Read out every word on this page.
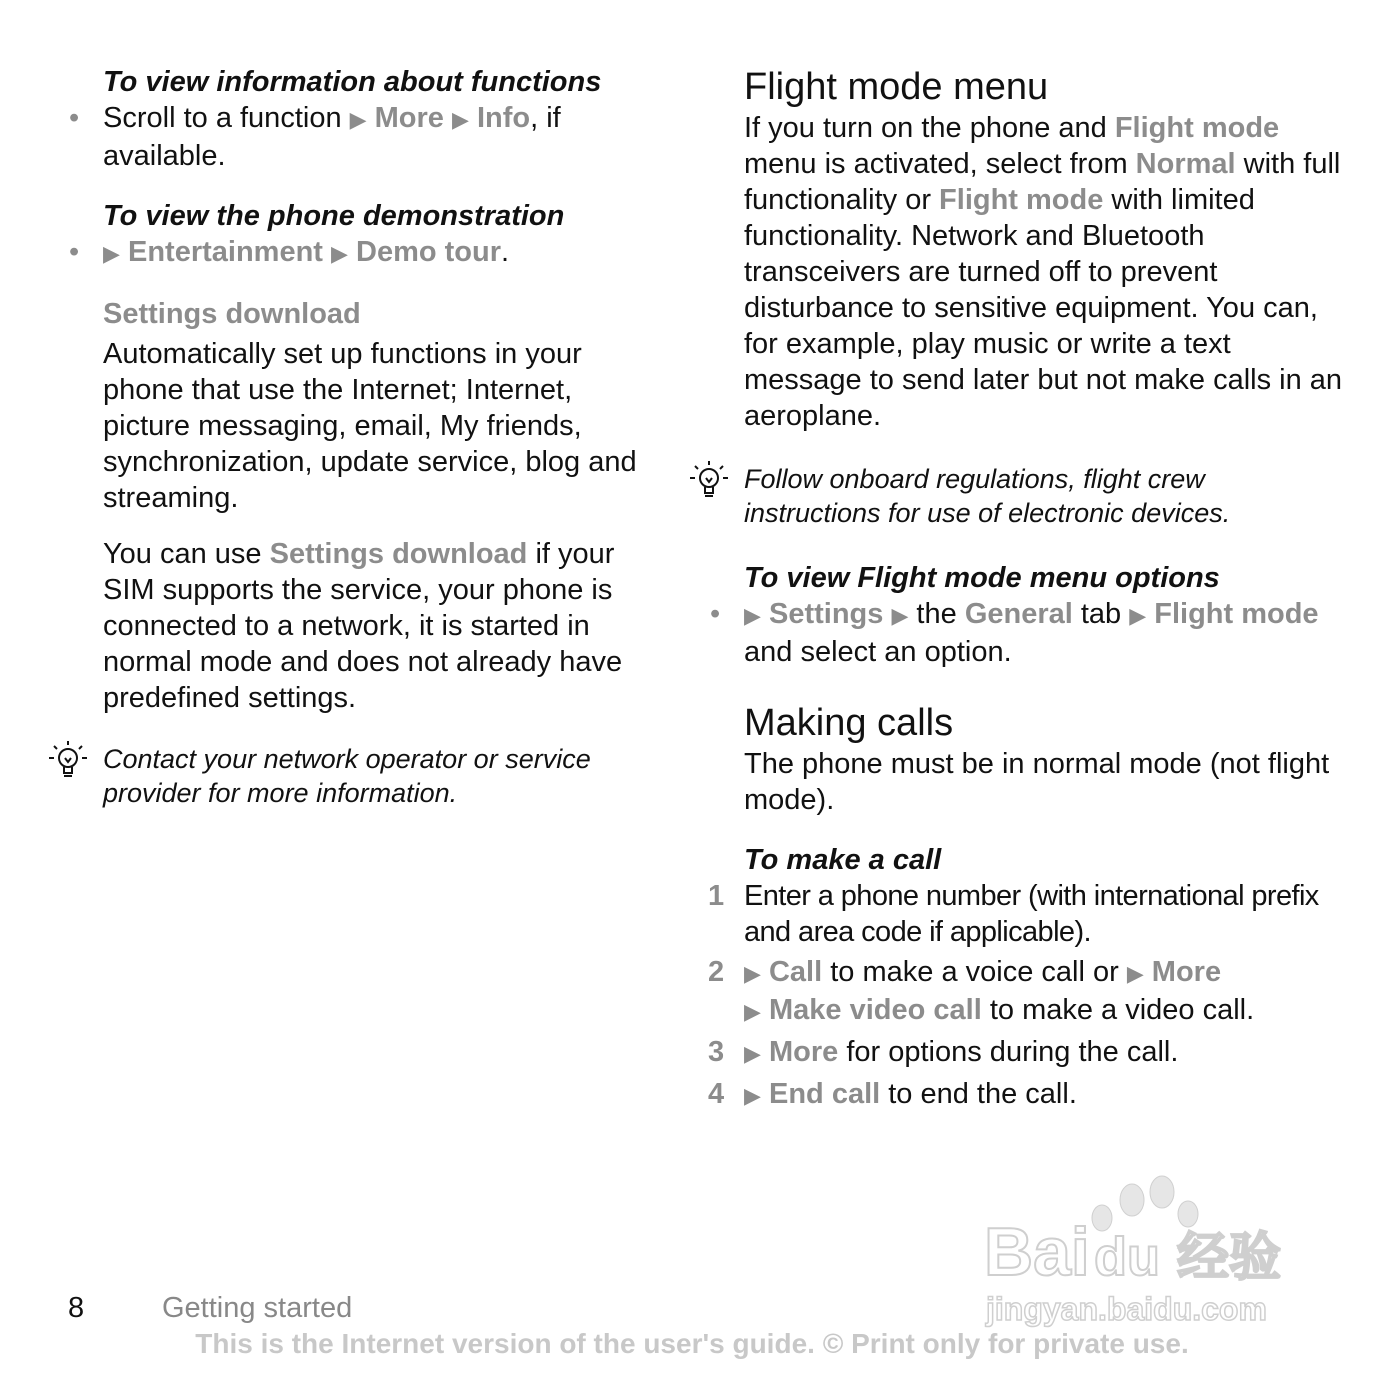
To view information about functions

• Scroll to a function ▶ More ▶ Info, if available.

To view the phone demonstration

• ▶ Entertainment ▶ Demo tour.

Settings download

Automatically set up functions in your phone that use the Internet; Internet, picture messaging, email, My friends, synchronization, update service, blog and streaming.

You can use Settings download if your SIM supports the service, your phone is connected to a network, it is started in normal mode and does not already have predefined settings.

Contact your network operator or service provider for more information.

Flight mode menu

If you turn on the phone and Flight mode menu is activated, select from Normal with full functionality or Flight mode with limited functionality. Network and Bluetooth transceivers are turned off to prevent disturbance to sensitive equipment. You can, for example, play music or write a text message to send later but not make calls in an aeroplane.

Follow onboard regulations, flight crew instructions for use of electronic devices.

To view Flight mode menu options

• ▶ Settings ▶ the General tab ▶ Flight mode and select an option.

Making calls

The phone must be in normal mode (not flight mode).

To make a call

1 Enter a phone number (with international prefix and area code if applicable).

2 ▶ Call to make a voice call or ▶ More
▶ Make video call to make a video call.

3 ▶ More for options during the call.

4 ▶ End call to end the call.

Bai du 经验
jingyan.baidu.com
8	Getting started
This is the Internet version of the user's guide. © Print only for private use.
